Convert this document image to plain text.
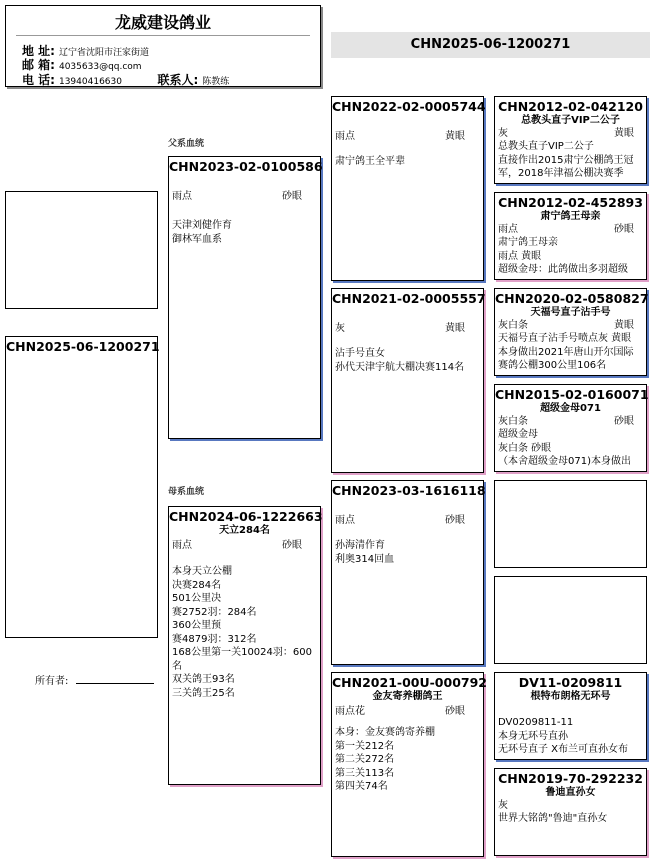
龙威建设鸽业
地 址: 辽宁省沈阳市汪家街道
邮 箱: 4035633@qq.com
电 话: 13940416630	联系人: 陈教练
CHN2025-06-1200271
父系血统
母系血统
所有者:
CHN2025-06-1200271
CHN2023-02-0100586
雨点	砂眼
天津刘健作育
御林军血系
CHN2024-06-1222663
天立284名
雨点	砂眼
本身天立公棚
决赛284名
501公里决
赛2752羽：284名
360公里预
赛4879羽：312名
168公里第一关10024羽：600名
双关鸽王93名
三关鸽王25名
CHN2022-02-0005744
雨点	黄眼
肃宁鸽王全平辈
CHN2021-02-0005557
灰	黄眼
沾手号直女
孙代天津宇航大棚决赛114名
CHN2023-03-1616118
雨点	砂眼
孙海清作育
利奥314回血
CHN2021-00U-000792
金友寄养棚鸽王
雨点花	砂眼
本身：金友赛鸽寄养棚
第一关212名
第二关272名
第三关113名
第四关74名
CHN2012-02-042120
总教头直子VIP二公子
灰	黄眼
总教头直子VIP二公子
直接作出2015肃宁公棚鸽王冠军，2018年津福公棚决赛季
CHN2012-02-452893
肃宁鸽王母亲
雨点	砂眼
肃宁鸽王母亲
雨点 黄眼
超级金母：此鸽做出多羽超级
CHN2020-02-0580827
天福号直子沾手号
灰白条	黄眼
天福号直子沾手号喷点灰 黄眼
本身做出2021年唐山开尔国际赛鸽公棚300公里106名
CHN2015-02-0160071
超级金母071
灰白条	砂眼
超级金母
灰白条 砂眼
（本舍超级金母071)本身做出
DV11-0209811
根特布朗格无环号
DV0209811-11
本身无环号直孙
无环号直子 X布兰可直孙女布
CHN2019-70-292232
鲁迪直孙女
灰
世界大铭鸽"鲁迪"直孙女
